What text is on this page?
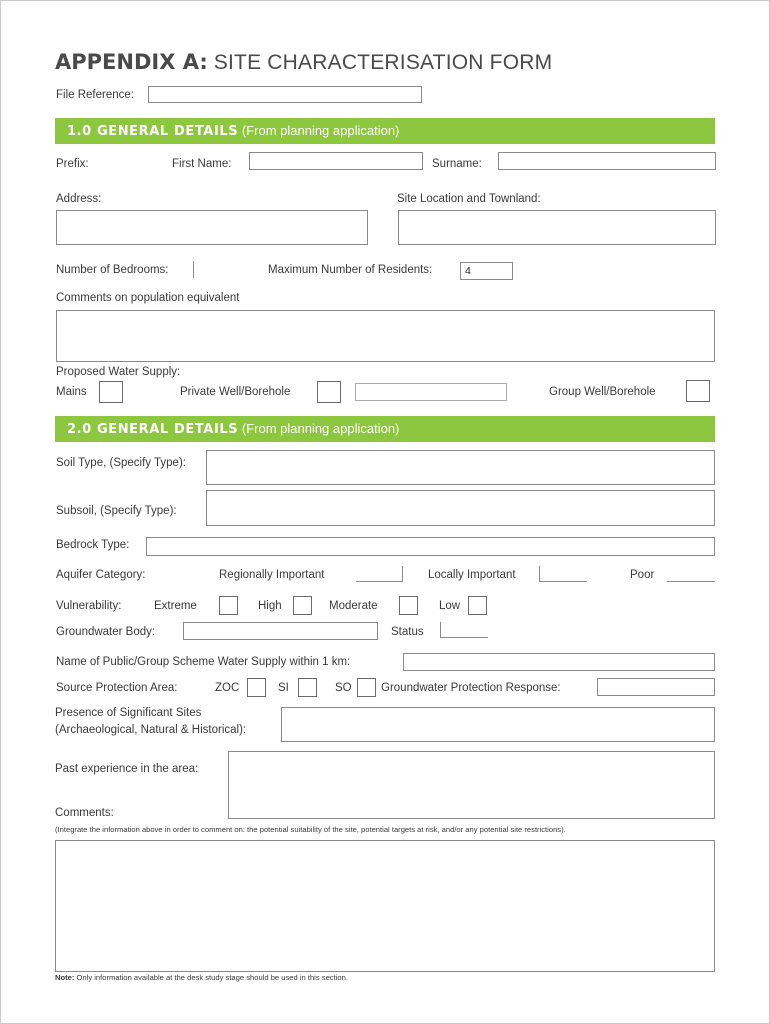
APPENDIX A: SITE CHARACTERISATION FORM
File Reference:
1.0 GENERAL DETAILS (From planning application)
Prefix:	First Name:	Surname:
Address:	Site Location and Townland:
Number of Bedrooms:	Maximum Number of Residents:	4
Comments on population equivalent
Proposed Water Supply:
Mains	Private Well/Borehole	Group Well/Borehole
2.0 GENERAL DETAILS (From planning application)
Soil Type, (Specify Type):
Subsoil, (Specify Type):
Bedrock Type:
Aquifer Category:	Regionally Important	Locally Important	Poor
Vulnerability:	Extreme	High	Moderate	Low
Groundwater Body:	Status
Name of Public/Group Scheme Water Supply within 1 km:
Source Protection Area:	ZOC	SI	SO	Groundwater Protection Response:
Presence of Significant Sites
(Archaeological, Natural & Historical):
Past experience in the area:
Comments:
(Integrate the information above in order to comment on: the potential suitability of the site, potential targets at risk, and/or any potential site restrictions).
Note: Only information available at the desk study stage should be used in this section.
